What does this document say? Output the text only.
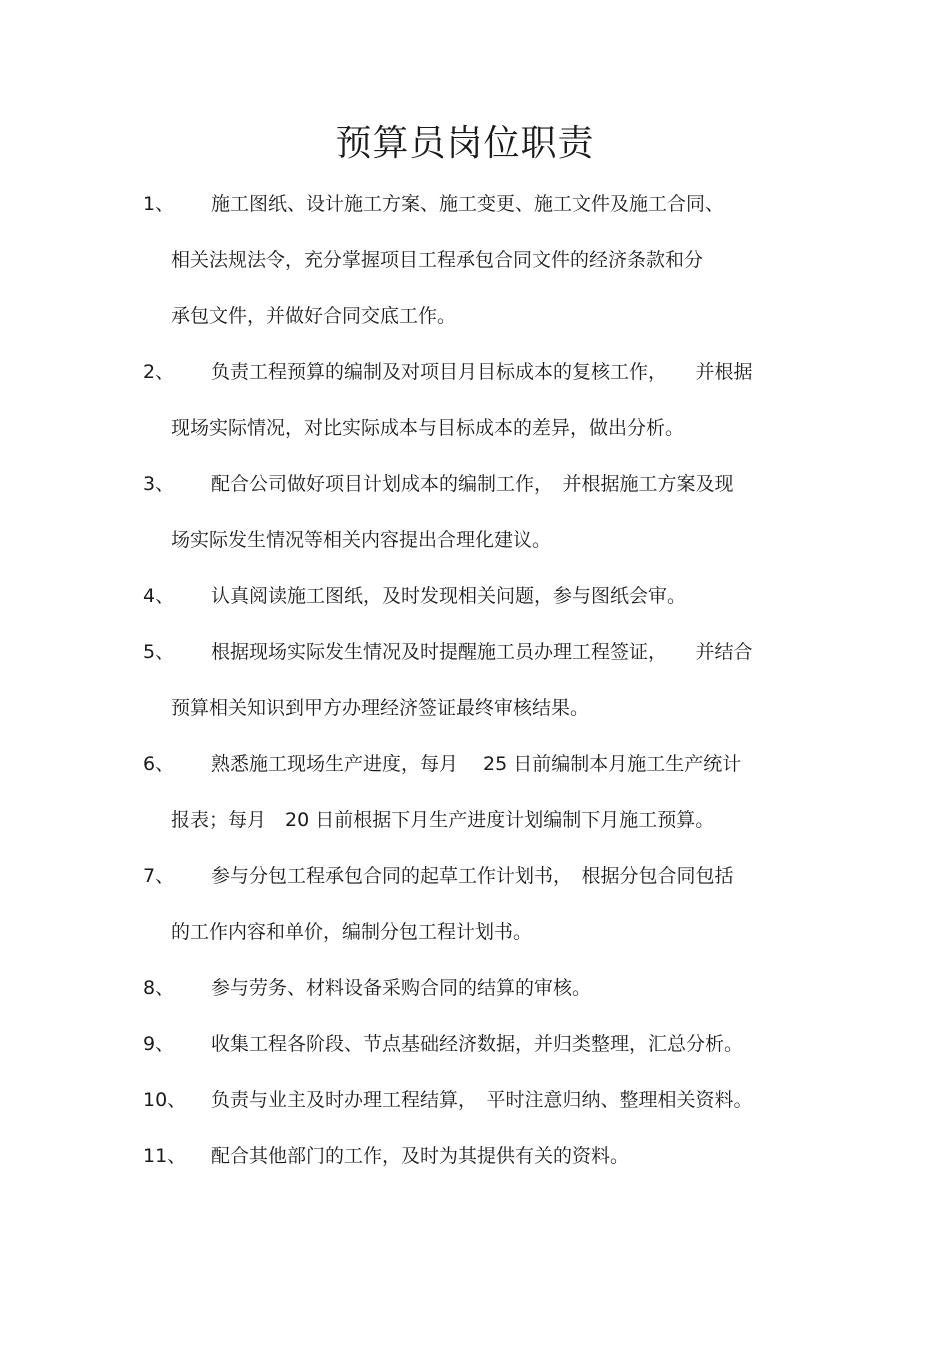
预算员岗位职责
1、 施工图纸、设计施工方案、施工变更、施工文件及施工合同、
相关法规法令，充分掌握项目工程承包合同文件的经济条款和分
承包文件，并做好合同交底工作。
2、 负责工程预算的编制及对项目月目标成本的复核工作，　　并根据
现场实际情况，对比实际成本与目标成本的差异，做出分析。
3、 配合公司做好项目计划成本的编制工作，　并根据施工方案及现
场实际发生情况等相关内容提出合理化建议。
4、 认真阅读施工图纸，及时发现相关问题，参与图纸会审。
5、 根据现场实际发生情况及时提醒施工员办理工程签证，　　并结合
预算相关知识到甲方办理经济签证最终审核结果。
6、 熟悉施工现场生产进度，每月　 25 日前编制本月施工生产统计
报表；每月　20 日前根据下月生产进度计划编制下月施工预算。
7、 参与分包工程承包合同的起草工作计划书，　根据分包合同包括
的工作内容和单价，编制分包工程计划书。
8、 参与劳务、材料设备采购合同的结算的审核。
9、 收集工程各阶段、节点基础经济数据，并归类整理，汇总分析。
10、 负责与业主及时办理工程结算，　平时注意归纳、整理相关资料。
11、 配合其他部门的工作，及时为其提供有关的资料。
